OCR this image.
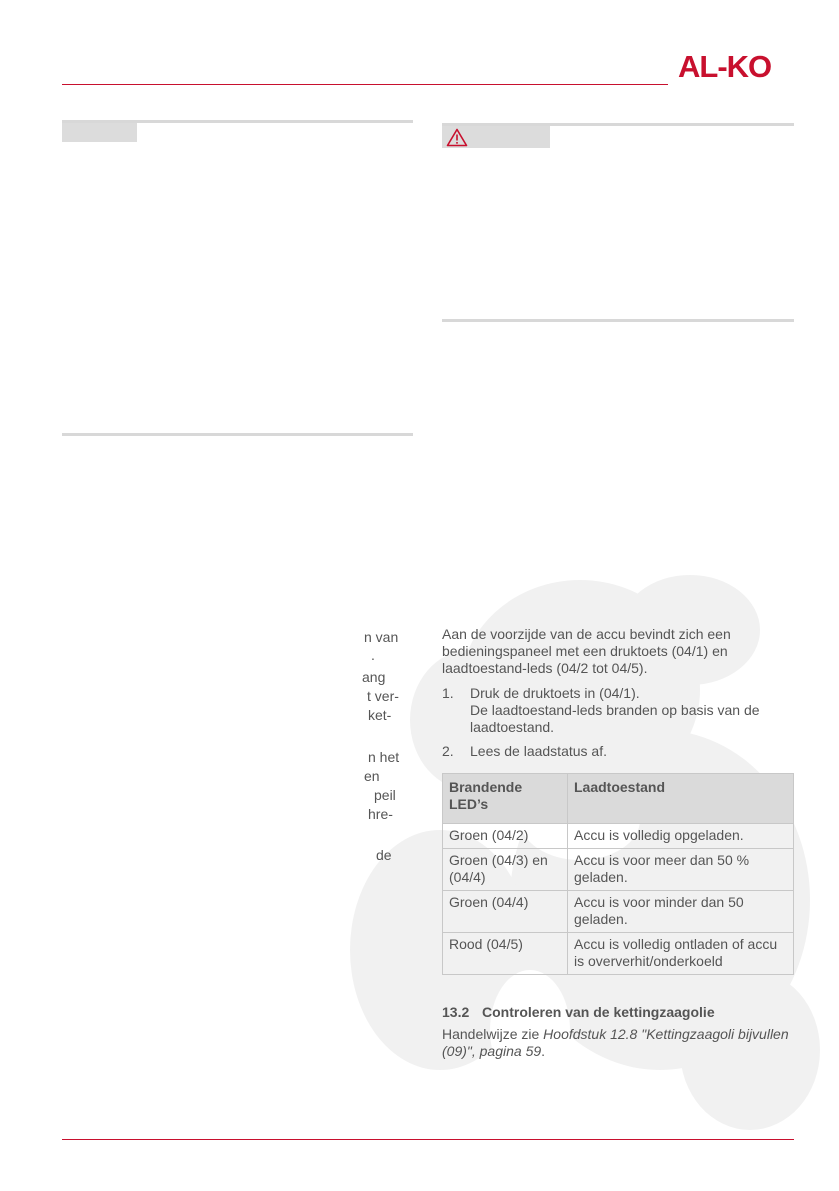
AL-KO
n van
.
ang
t ver-
ket-
n het
en
peil
hre-
de
Aan de voorzijde van de accu bevindt zich een bedieningspaneel met een druktoets (04/1) en laadtoestand-leds (04/2 tot 04/5).
1.	Druk de druktoets in (04/1).
De laadtoestand-leds branden op basis van de laadtoestand.
2.	Lees de laadstatus af.
Brandende LED’s	Laadtoestand
Groen (04/2)	Accu is volledig opgeladen.
Groen (04/3) en (04/4)	Accu is voor meer dan 50 % geladen.
Groen (04/4)	Accu is voor minder dan 50 geladen.
Rood (04/5)	Accu is volledig ontladen of accu is oververhit/onderkoeld
13.2 Controleren van de kettingzaagolie
Handelwijze zie Hoofdstuk 12.8 "Kettingzaagoli bijvullen (09)", pagina 59.
